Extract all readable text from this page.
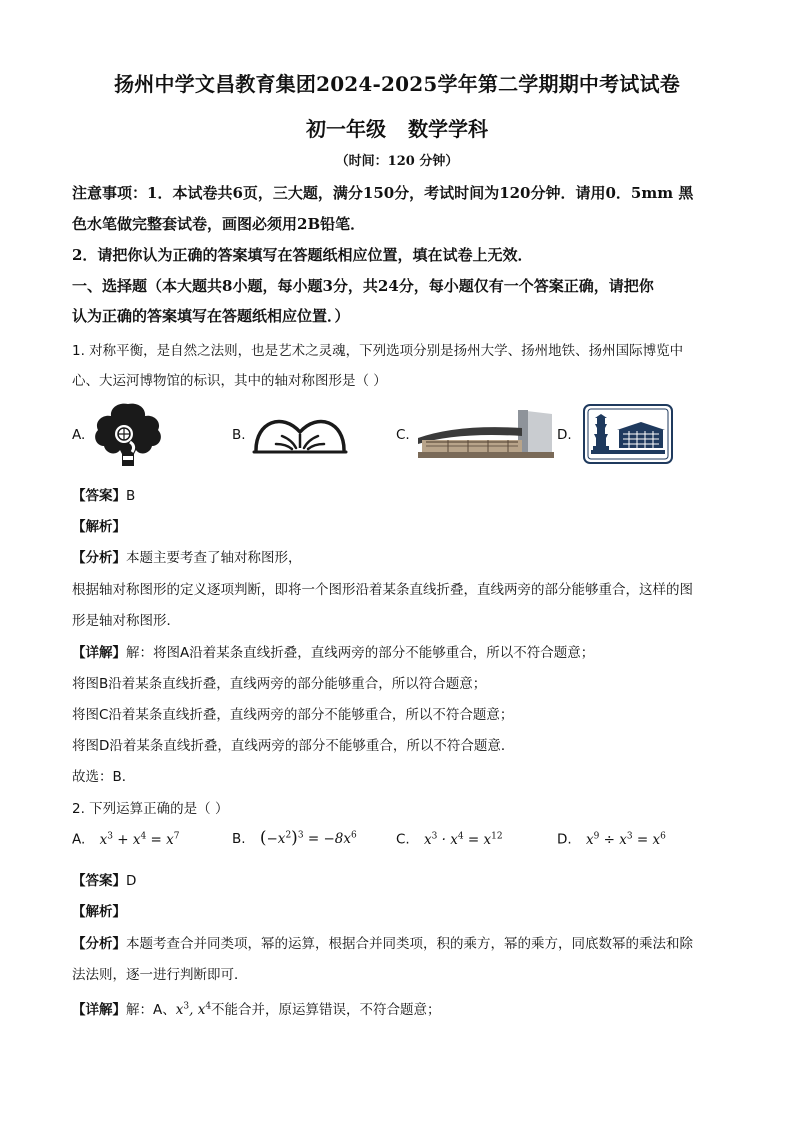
扬州中学文昌教育集团2024-2025学年第二学期期中考试试卷
初一年级 数学学科
（时间：120 分钟）
注意事项：1．本试卷共6页，三大题，满分150分，考试时间为120分钟．请用0．5mm 黑
色水笔做完整套试卷，画图必须用2B铅笔．
2．请把你认为正确的答案填写在答题纸相应位置，填在试卷上无效．
一、选择题（本大题共8小题，每小题3分，共24分，每小题仅有一个答案正确，请把你
认为正确的答案填写在答题纸相应位置．）
1. 对称平衡，是自然之法则，也是艺术之灵魂，下列选项分别是扬州大学、扬州地铁、扬州国际博览中
心、大运河博物馆的标识，其中的轴对称图形是（ ）
A.	B.	C.	D.
【答案】B
【解析】
【分析】本题主要考查了轴对称图形，
根据轴对称图形的定义逐项判断，即将一个图形沿着某条直线折叠，直线两旁的部分能够重合，这样的图
形是轴对称图形．
【详解】解：将图A沿着某条直线折叠，直线两旁的部分不能够重合，所以不符合题意；
将图B沿着某条直线折叠，直线两旁的部分能够重合，所以符合题意；
将图C沿着某条直线折叠，直线两旁的部分不能够重合，所以不符合题意；
将图D沿着某条直线折叠，直线两旁的部分不能够重合，所以不符合题意．
故选：B．
2. 下列运算正确的是（ ）
A. $x^3 + x^4 = x^7$	B. $(-x^2)^3 = -8x^6$	C. $x^3 \cdot x^4 = x^{12}$	D. $x^9 \div x^3 = x^6$
【答案】D
【解析】
【分析】本题考查合并同类项，幂的运算，根据合并同类项，积的乘方，幂的乘方，同底数幂的乘法和除
法法则，逐一进行判断即可．
【详解】解：A、$x^3$, $x^4$不能合并，原运算错误，不符合题意；
